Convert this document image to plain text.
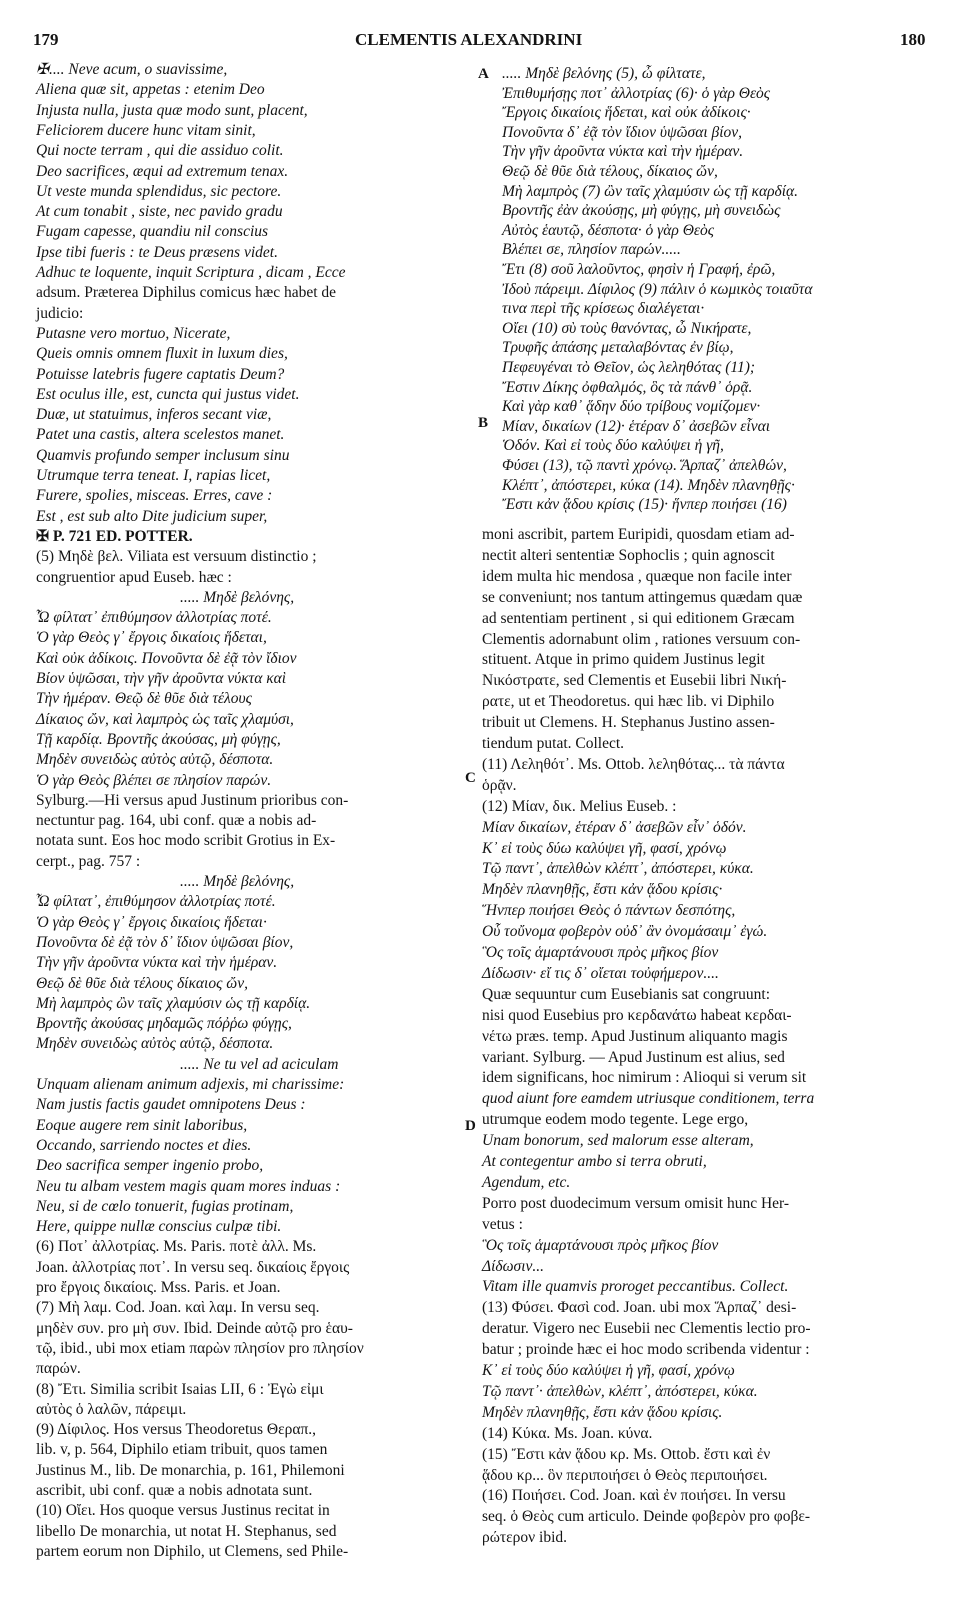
179	CLEMENTIS ALEXANDRINI	180
A
B
C
D
✠.... Neve acum, o suavissime,
Aliena quæ sit, appetas : etenim Deo
Injusta nulla, justa quæ modo sunt, placent,
Feliciorem ducere hunc vitam sinit,
Qui nocte terram , qui die assiduo colit.
Deo sacrifices, æqui ad extremum tenax.
Ut veste munda splendidus, sic pectore.
At cum tonabit , siste, nec pavido gradu
Fugam capesse, quandiu nil conscius
Ipse tibi fueris : te Deus præsens videt.
Adhuc te loquente, inquit Scriptura , dicam , Ecce
adsum. Præterea Diphilus comicus hæc habet de
judicio:
Putasne vero mortuo, Nicerate,
Queis omnis omnem fluxit in luxum dies,
Potuisse latebris fugere captatis Deum?
Est oculus ille, est, cuncta qui justus videt.
Duæ, ut statuimus, inferos secant viæ,
Patet una castis, altera scelestos manet.
Quamvis profundo semper inclusum sinu
Utrumque terra teneat. I, rapias licet,
Furere, spolies, misceas. Erres, cave :
Est , est sub alto Dite judicium super,
✠ P. 721 ED. POTTER.
(5) Μηδὲ βελ. Viliata est versuum distinctio ;
congruentior apud Euseb. hæc :
..... Μηδὲ βελόνης,
Ὦ φίλτατ᾽ ἐπιθύμησον ἀλλοτρίας ποτέ.
Ὁ γὰρ Θεὸς γ᾽ ἔργοις δικαίοις ἥδεται,
Καὶ οὐκ ἀδίκοις. Πονοῦντα δὲ ἐᾷ τὸν ἴδιον
Βίον ὑψῶσαι, τὴν γῆν ἀροῦντα νύκτα καὶ
Τὴν ἡμέραν. Θεῷ δὲ θῦε διὰ τέλους
Δίκαιος ὤν, καὶ λαμπρὸς ὡς ταῖς χλαμύσι,
Τῇ καρδίᾳ. Βροντῆς ἀκούσας, μὴ φύγῃς,
Μηδὲν συνειδὼς αὐτὸς αὐτῷ, δέσποτα.
Ὁ γὰρ Θεὸς βλέπει σε πλησίον παρών.
Sylburg.—Hi versus apud Justinum prioribus con-
nectuntur pag. 164, ubi conf. quæ a nobis ad-
notata sunt. Eos hoc modo scribit Grotius in Ex-
cerpt., pag. 757 :
..... Μηδὲ βελόνης,
Ὦ φίλτατ᾽, ἐπιθύμησον ἀλλοτρίας ποτέ.
Ὁ γὰρ Θεὸς γ᾽ ἔργοις δικαίοις ἥδεται·
Πονοῦντα δὲ ἐᾷ τὸν δ᾽ ἴδιον ὑψῶσαι βίον,
Τὴν γῆν ἀροῦντα νύκτα καὶ τὴν ἡμέραν.
Θεῷ δὲ θῦε διὰ τέλους δίκαιος ὤν,
Μὴ λαμπρὸς ὢν ταῖς χλαμύσιν ὡς τῇ καρδίᾳ.
Βροντῆς ἀκούσας μηδαμῶς πόῤῥω φύγῃς,
Μηδὲν συνειδὼς αὐτὸς αὑτῷ, δέσποτα.
..... Ne tu vel ad aciculam
Unquam alienam animum adjexis, mi charissime:
Nam justis factis gaudet omnipotens Deus :
Eoque augere rem sinit laboribus,
Occando, sarriendo noctes et dies.
Deo sacrifica semper ingenio probo,
Neu tu albam vestem magis quam mores induas :
Neu, si de cœlo tonuerit, fugias protinam,
Here, quippe nullæ conscius culpæ tibi.
(6) Ποτ᾽ ἀλλοτρίας. Ms. Paris. ποτὲ ἀλλ. Ms.
Joan. ἀλλοτρίας ποτ᾽. In versu seq. δικαίοις ἔργοις
pro ἔργοις δικαίοις. Mss. Paris. et Joan.
(7) Μὴ λαμ. Cod. Joan. καὶ λαμ. In versu seq.
μηδὲν συν. pro μὴ συν. Ibid. Deinde αὐτῷ pro ἑαυ-
τῷ, ibid., ubi mox etiam παρὼν πλησίον pro πλησίον
παρών.
(8) Ἔτι. Similia scribit Isaias LII, 6 : Ἐγὼ εἰμι
αὐτὸς ὁ λαλῶν, πάρειμι.
(9) Δίφιλος. Hos versus Theodoretus Θεραπ.,
lib. v, p. 564, Diphilo etiam tribuit, quos tamen
Justinus M., lib. De monarchia, p. 161, Philemoni
ascribit, ubi conf. quæ a nobis adnotata sunt.
(10) Οἴει. Hos quoque versus Justinus recitat in
libello De monarchia, ut notat H. Stephanus, sed
partem eorum non Diphilo, ut Clemens, sed Phile-
..... Μηδὲ βελόνης (5), ὦ φίλτατε,
Ἐπιθυμήσῃς ποτ᾽ ἀλλοτρίας (6)· ὁ γὰρ Θεὸς
Ἔργοις δικαίοις ἥδεται, καὶ οὐκ ἀδίκοις·
Πονοῦντα δ᾽ ἐᾷ τὸν ἴδιον ὑψῶσαι βίον,
Τὴν γῆν ἀροῦντα νύκτα καὶ τὴν ἡμέραν.
Θεῷ δὲ θῦε διὰ τέλους, δίκαιος ὤν,
Μὴ λαμπρὸς (7) ὢν ταῖς χλαμύσιν ὡς τῇ καρδίᾳ.
Βροντῆς ἐὰν ἀκούσῃς, μὴ φύγῃς, μὴ συνειδὼς
Αὐτὸς ἑαυτῷ, δέσποτα· ὁ γὰρ Θεὸς
Βλέπει σε, πλησίον παρών.....
Ἔτι (8) σοῦ λαλοῦντος, φησὶν ἡ Γραφή, ἐρῶ,
Ἰδοὺ πάρειμι. Δίφιλος (9) πάλιν ὁ κωμικὸς τοιαῦτα
τινα περὶ τῆς κρίσεως διαλέγεται·
Οἴει (10) σὺ τοὺς θανόντας, ὦ Νικήρατε,
Τρυφῆς ἁπάσης μεταλαβόντας ἐν βίῳ,
Πεφευγέναι τὸ Θεῖον, ὡς λεληθότας (11);
Ἔστιν Δίκης ὀφθαλμός, ὃς τὰ πάνθ᾽ ὁρᾷ.
Καὶ γὰρ καθ᾽ ᾅδην δύο τρίβους νομίζομεν·
Μίαν, δικαίων (12)· ἑτέραν δ᾽ ἀσεβῶν εἶναι
Ὁδόν. Καὶ εἰ τοὺς δύο καλύψει ἡ γῆ,
Φύσει (13), τῷ παντὶ χρόνῳ. Ἅρπαζ᾽ ἀπελθών,
Κλέπτ᾽, ἀπόστερει, κύκα (14). Μηδὲν πλανηθῇς·
Ἔστι κἀν ᾅδου κρίσις (15)· ἥνπερ ποιήσει (16)
moni ascribit, partem Euripidi, quosdam etiam ad-
nectit alteri sententiæ Sophoclis ; quin agnoscit
idem multa hic mendosa , quæque non facile inter
se conveniunt; nos tantum attingemus quædam quæ
ad sententiam pertinent , si qui editionem Græcam
Clementis adornabunt olim , rationes versuum con-
stituent. Atque in primo quidem Justinus legit
Νικόστρατε, sed Clementis et Eusebii libri Νική-
ρατε, ut et Theodoretus. qui hæc lib. vi Diphilo
tribuit ut Clemens. H. Stephanus Justino assen-
tiendum putat. Collect.
(11) Λεληθότ᾽. Ms. Ottob. λεληθότας... τὰ πάντα
ὁρᾷν.
(12) Μίαν, δικ. Melius Euseb. :
Μίαν δικαίων, ἑτέραν δ᾽ ἀσεβῶν εἶν᾽ ὁδόν.
Κ᾽ εἰ τοὺς δύω καλύψει γῆ, φασί, χρόνῳ
Τῷ παντ᾽, ἀπελθὼν κλέπτ᾽, ἀπόστερει, κύκα.
Μηδὲν πλανηθῇς, ἔστι κἀν ᾅδου κρίσις·
Ἥνπερ ποιήσει Θεὸς ὁ πάντων δεσπότης,
Οὗ τοὔνομα φοβερὸν οὐδ᾽ ἂν ὀνομάσαιμ᾽ ἐγώ.
Ὃς τοῖς ἁμαρτάνουσι πρὸς μῆκος βίον
Δίδωσιν· εἴ τις δ᾽ οἴεται τοὐφήμερον....
Quæ sequuntur cum Eusebianis sat congruunt:
nisi quod Eusebius pro κερδανάτω habeat κερδαι-
νέτω præs. temp. Apud Justinum aliquanto magis
variant. Sylburg. — Apud Justinum est alius, sed
idem significans, hoc nimirum : Alioqui si verum sit
quod aiunt fore eamdem utriusque conditionem, terra
utrumque eodem modo tegente. Lege ergo,
Unam bonorum, sed malorum esse alteram,
At contegentur ambo si terra obruti,
Agendum, etc.
Porro post duodecimum versum omisit hunc Her-
vetus :
Ὃς τοῖς ἁμαρτάνουσι πρὸς μῆκος βίον
Δίδωσιν...
Vitam ille quamvis proroget peccantibus. Collect.
(13) Φύσει. Φασὶ cod. Joan. ubi mox Ἅρπαζ᾽ desi-
deratur. Vigero nec Eusebii nec Clementis lectio pro-
batur ; proinde hæc ei hoc modo scribenda videntur :
Κ᾽ εἰ τοὺς δύο καλύψει ἡ γῆ, φασί, χρόνῳ
Τῷ παντ᾽· ἀπελθὼν, κλέπτ᾽, ἀπόστερει, κύκα.
Μηδὲν πλανηθῇς, ἔστι κἀν ᾅδου κρίσις.
(14) Κύκα. Ms. Joan. κύνα.
(15) Ἔστι κἀν ᾅδου κρ. Ms. Ottob. ἔστι καὶ ἐν
ᾅδου κρ... ὃν περιποιήσει ὁ Θεὸς περιποιήσει.
(16) Ποιήσει. Cod. Joan. καὶ ἐν ποιήσει. In versu
seq. ὁ Θεὸς cum articulo. Deinde φοβερὸν pro φοβε-
ρώτερον ibid.
